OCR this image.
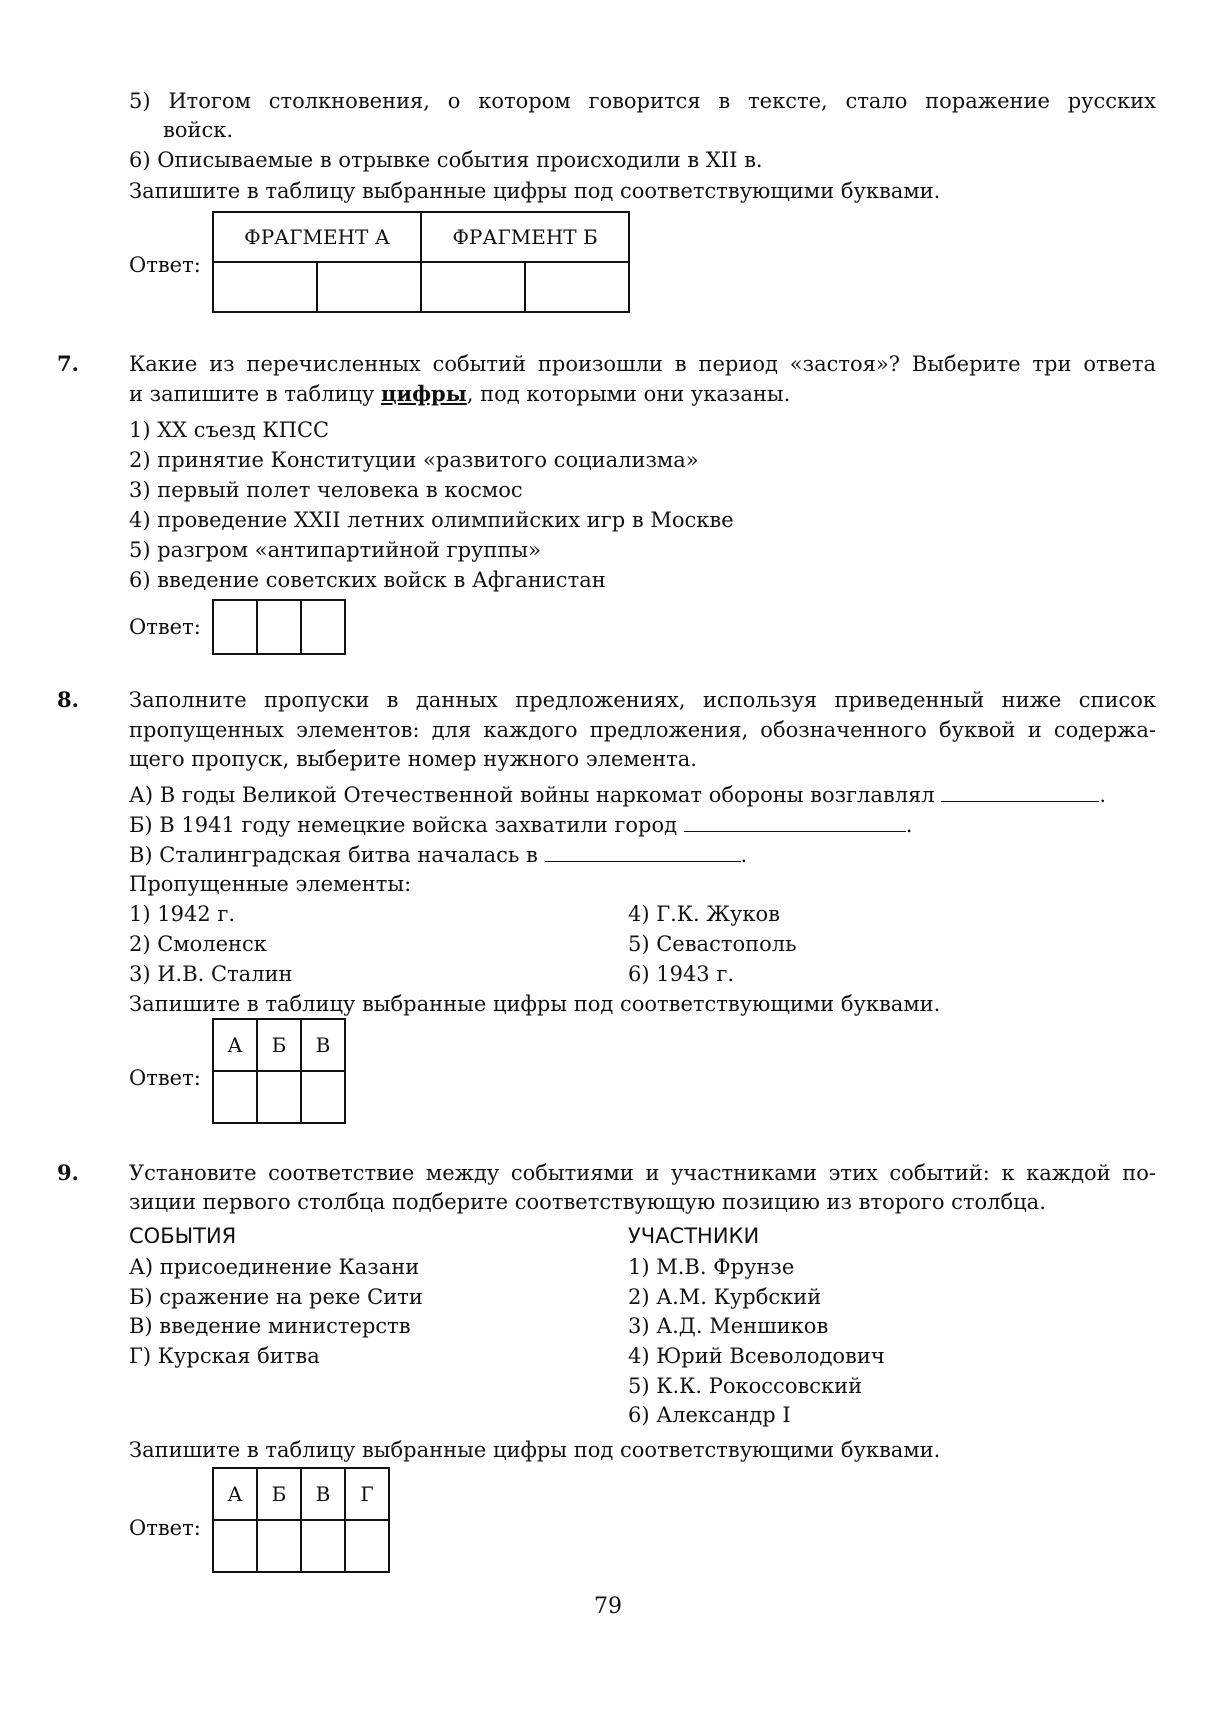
5) Итогом столкновения, о котором говорится в тексте, стало поражение русских
войск.
6) Описываемые в отрывке события происходили в XII в.
Запишите в таблицу выбранные цифры под соответствующими буквами.
Ответ:
ФРАГМЕНТ А		ФРАГМЕНТ Б	

7. Какие из перечисленных событий произошли в период «застоя»? Выберите три ответа
и запишите в таблицу цифры, под которыми они указаны.
1) XX съезд КПСС
2) принятие Конституции «развитого социализма»
3) первый полет человека в космос
4) проведение XXII летних олимпийских игр в Москве
5) разгром «антипартийной группы»
6) введение советских войск в Афганистан
Ответ:

8. Заполните пропуски в данных предложениях, используя приведенный ниже список
пропущенных элементов: для каждого предложения, обозначенного буквой и содержа-
щего пропуск, выберите номер нужного элемента.
А) В годы Великой Отечественной войны наркомат обороны возглавлял	.
Б) В 1941 году немецкие войска захватили город	.
В) Сталинградская битва началась в	.
Пропущенные элементы:
1) 1942 г.
2) Смоленск
3) И.В. Сталин
4) Г.К. Жуков
5) Севастополь
6) 1943 г.
Запишите в таблицу выбранные цифры под соответствующими буквами.
Ответ:
А	Б	В

9. Установите соответствие между событиями и участниками этих событий: к каждой по-
зиции первого столбца подберите соответствующую позицию из второго столбца.
СОБЫТИЯ	УЧАСТНИКИ
А) присоединение Казани
Б) сражение на реке Сити
В) введение министерств
Г) Курская битва
1) М.В. Фрунзе
2) А.М. Курбский
3) А.Д. Меншиков
4) Юрий Всеволодович
5) К.К. Рокоссовский
6) Александр I
Запишите в таблицу выбранные цифры под соответствующими буквами.
Ответ:
А	Б	В	Г

79
